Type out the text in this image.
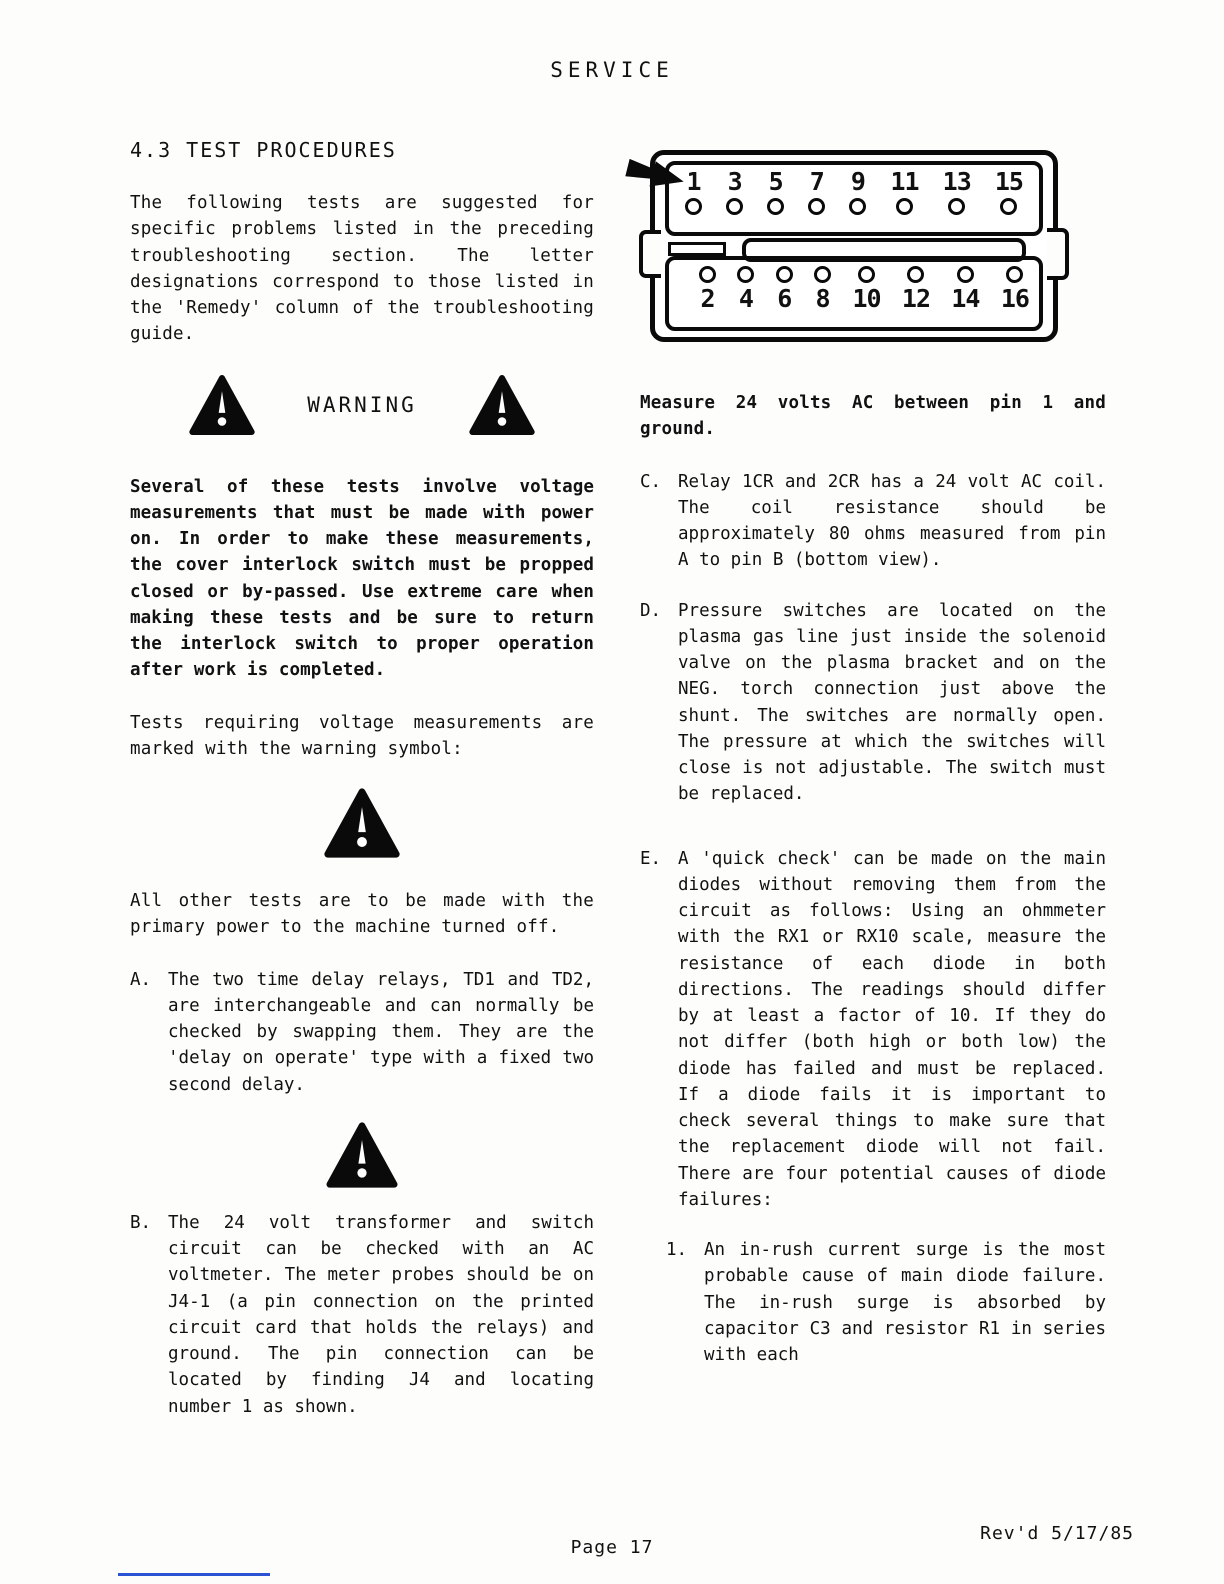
SERVICE
4.3 TEST PROCEDURES

The following tests are suggested for specific problems listed in the preceding troubleshooting section. The letter designations correspond to those listed in the 'Remedy' column of the troubleshooting guide.

WARNING

Several of these tests involve voltage measurements that must be made with power on. In order to make these measurements, the cover interlock switch must be propped closed or by-passed. Use extreme care when making these tests and be sure to return the interlock switch to proper operation after work is completed.

Tests requiring voltage measurements are marked with the warning symbol:

All other tests are to be made with the primary power to the machine turned off.

A. The two time delay relays, TD1 and TD2, are interchangeable and can normally be checked by swapping them. They are the 'delay on operate' type with a fixed two second delay.
B. The 24 volt transformer and switch circuit can be checked with an AC voltmeter. The meter probes should be on J4-1 (a pin connection on the printed circuit card that holds the relays) and ground. The pin connection can be located by finding J4 and locating number 1 as shown.
1 3 5 7 9 11 13 15
2 4 6 8 10 12 14 16

Measure 24 volts AC between pin 1 and ground.

C. Relay 1CR and 2CR has a 24 volt AC coil. The coil resistance should be approximately 80 ohms measured from pin A to pin B (bottom view).
D. Pressure switches are located on the plasma gas line just inside the solenoid valve on the plasma bracket and on the NEG. torch connection just above the shunt. The switches are normally open. The pressure at which the switches will close is not adjustable. The switch must be replaced.
E. A 'quick check' can be made on the main diodes without removing them from the circuit as follows: Using an ohmmeter with the RX1 or RX10 scale, measure the resistance of each diode in both directions. The readings should differ by at least a factor of 10. If they do not differ (both high or both low) the diode has failed and must be replaced. If a diode fails it is important to check several things to make sure that the replacement diode will not fail. There are four potential causes of diode failures:
1. An in-rush current surge is the most probable cause of main diode failure. The in-rush surge is absorbed by capacitor C3 and resistor R1 in series with each
Page 17
Rev'd 5/17/85
